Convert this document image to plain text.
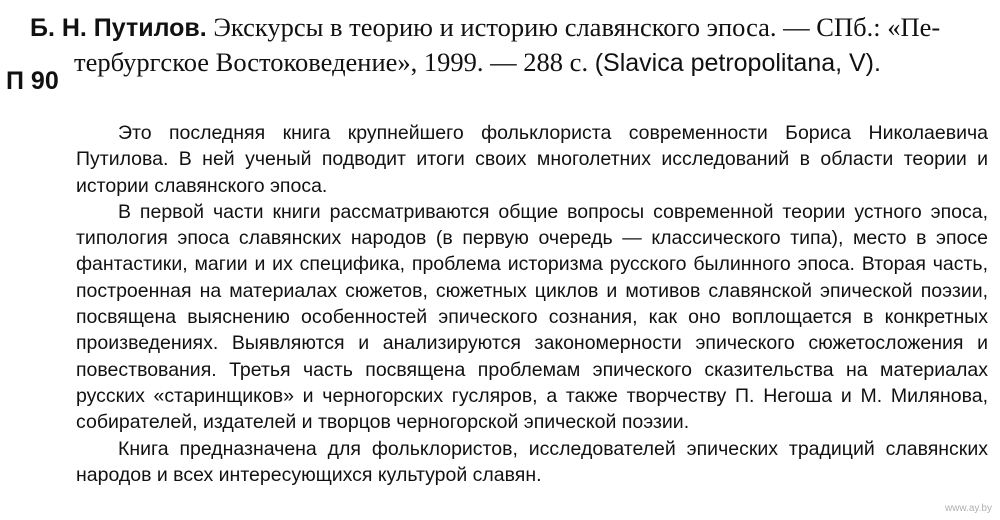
Б. Н. Путилов. Экскурсы в теорию и историю славянского эпоса. — СПб.: «Пе-
тербургское Востоковедение», 1999. — 288 с. (Slavica petropolitana, V).
П 90

Это последняя книга крупнейшего фольклориста современности Бориса Николаевича Путилова. В ней ученый подводит итоги своих многолетних исследований в области теории и истории славянского эпоса.

В первой части книги рассматриваются общие вопросы современной теории устного эпоса, типология эпоса славянских народов (в первую очередь — классического типа), место в эпосе фантастики, магии и их специфика, проблема историзма русского былинного эпоса. Вторая часть, построенная на материалах сюжетов, сюжетных циклов и мотивов славянской эпической поэзии, посвящена выяснению особенностей эпического сознания, как оно воплощается в конкретных произведениях. Выявляются и анализируются закономерности эпического сюжетосложения и повествования. Третья часть посвящена проблемам эпического сказительства на материалах русских «старинщиков» и черногорских гусляров, а также творчеству П. Негоша и М. Милянова, собирателей, издателей и творцов черногорской эпической поэзии.

Книга предназначена для фольклористов, исследователей эпических традиций славянских народов и всех интересующихся культурой славян.

www.ay.by
